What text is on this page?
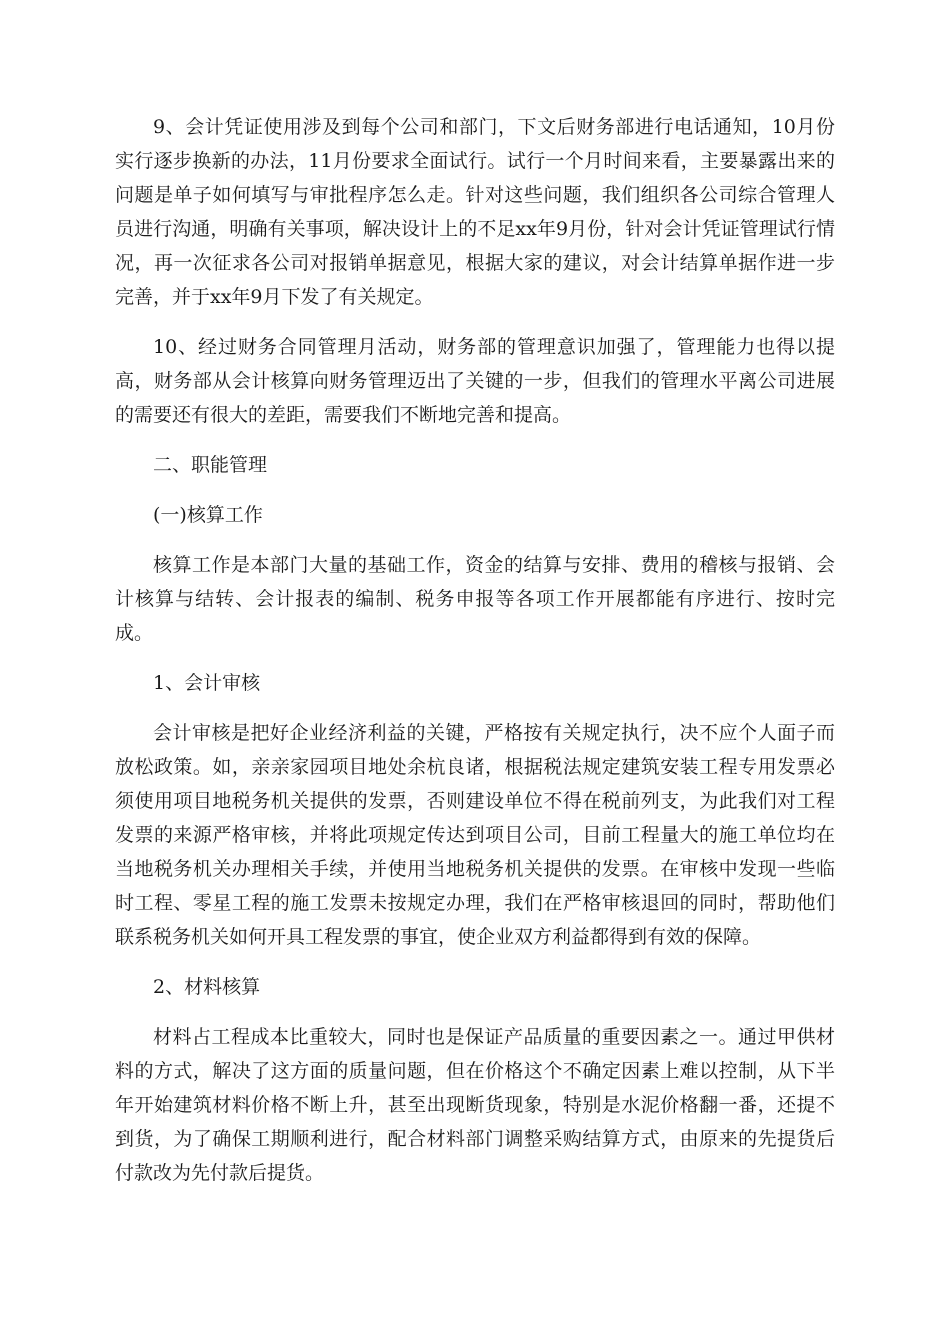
9、会计凭证使用涉及到每个公司和部门，下文后财务部进行电话通知，10月份实行逐步换新的办法，11月份要求全面试行。试行一个月时间来看，主要暴露出来的问题是单子如何填写与审批程序怎么走。针对这些问题，我们组织各公司综合管理人员进行沟通，明确有关事项，解决设计上的不足xx年9月份，针对会计凭证管理试行情况，再一次征求各公司对报销单据意见，根据大家的建议，对会计结算单据作进一步完善，并于xx年9月下发了有关规定。

10、经过财务合同管理月活动，财务部的管理意识加强了，管理能力也得以提高，财务部从会计核算向财务管理迈出了关键的一步，但我们的管理水平离公司进展的需要还有很大的差距，需要我们不断地完善和提高。

二、职能管理

(一)核算工作

核算工作是本部门大量的基础工作，资金的结算与安排、费用的稽核与报销、会计核算与结转、会计报表的编制、税务申报等各项工作开展都能有序进行、按时完成。

1、会计审核

会计审核是把好企业经济利益的关键，严格按有关规定执行，决不应个人面子而放松政策。如，亲亲家园项目地处余杭良诸，根据税法规定建筑安装工程专用发票必须使用项目地税务机关提供的发票，否则建设单位不得在税前列支，为此我们对工程发票的来源严格审核，并将此项规定传达到项目公司，目前工程量大的施工单位均在当地税务机关办理相关手续，并使用当地税务机关提供的发票。在审核中发现一些临时工程、零星工程的施工发票未按规定办理，我们在严格审核退回的同时，帮助他们联系税务机关如何开具工程发票的事宜，使企业双方利益都得到有效的保障。

2、材料核算

材料占工程成本比重较大，同时也是保证产品质量的重要因素之一。通过甲供材料的方式，解决了这方面的质量问题，但在价格这个不确定因素上难以控制，从下半年开始建筑材料价格不断上升，甚至出现断货现象，特别是水泥价格翻一番，还提不到货，为了确保工期顺利进行，配合材料部门调整采购结算方式，由原来的先提货后付款改为先付款后提货。
